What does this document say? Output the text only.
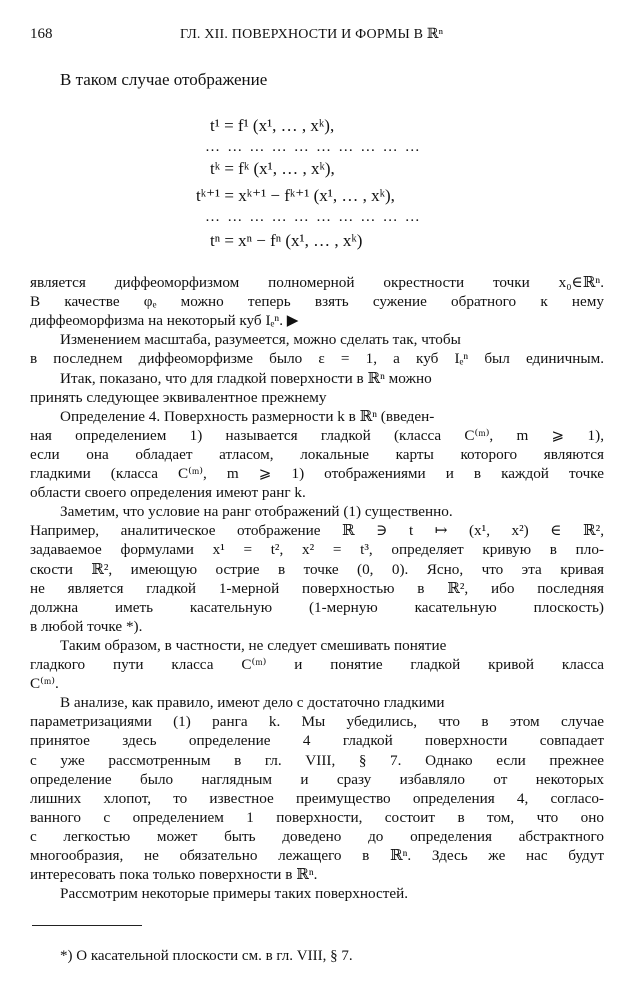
168	ГЛ. XII. ПОВЕРХНОСТИ И ФОРМЫ В ℝⁿ
В таком случае отображение
t¹ = f¹ (x¹, … , xᵏ),
…………………………
tᵏ = fᵏ (x¹, … , xᵏ),
tᵏ⁺¹ = xᵏ⁺¹ − fᵏ⁺¹ (x¹, … , xᵏ),
…………………………
tⁿ = xⁿ − fⁿ (x¹, … , xᵏ)
является диффеоморфизмом полномерной окрестности точки x₀∈ℝⁿ.
В качестве φₑ можно теперь взять сужение обратного к нему
диффеоморфизма на некоторый куб Iₑⁿ. ▶
Изменением масштаба, разумеется, можно сделать так, чтобы
в последнем диффеоморфизме было ε = 1, а куб Iₑⁿ был единичным.
Итак, показано, что для гладкой поверхности в ℝⁿ можно
принять следующее эквивалентное прежнему
Определение 4. Поверхность размерности k в ℝⁿ (введен-
ная определением 1) называется гладкой (класса C⁽ᵐ⁾, m ⩾ 1),
если она обладает атласом, локальные карты которого являются
гладкими (класса C⁽ᵐ⁾, m ⩾ 1) отображениями и в каждой точке
области своего определения имеют ранг k.
Заметим, что условие на ранг отображений (1) существенно.
Например, аналитическое отображение ℝ ∋ t ↦ (x¹, x²) ∈ ℝ²,
задаваемое формулами x¹ = t², x² = t³, определяет кривую в пло-
скости ℝ², имеющую острие в точке (0, 0). Ясно, что эта кривая
не является гладкой 1-мерной поверхностью в ℝ², ибо последняя
должна иметь касательную (1-мерную касательную плоскость)
в любой точке *).
Таким образом, в частности, не следует смешивать понятие
гладкого пути класса C⁽ᵐ⁾ и понятие гладкой кривой класса
C⁽ᵐ⁾.
В анализе, как правило, имеют дело с достаточно гладкими
параметризациями (1) ранга k. Мы убедились, что в этом случае
принятое здесь определение 4 гладкой поверхности совпадает
с уже рассмотренным в гл. VIII, § 7. Однако если прежнее
определение было наглядным и сразу избавляло от некоторых
лишних хлопот, то известное преимущество определения 4, согласо-
ванного с определением 1 поверхности, состоит в том, что оно
с легкостью может быть доведено до определения абстрактного
многообразия, не обязательно лежащего в ℝⁿ. Здесь же нас будут
интересовать пока только поверхности в ℝⁿ.
Рассмотрим некоторые примеры таких поверхностей.
*) О касательной плоскости см. в гл. VIII, § 7.
